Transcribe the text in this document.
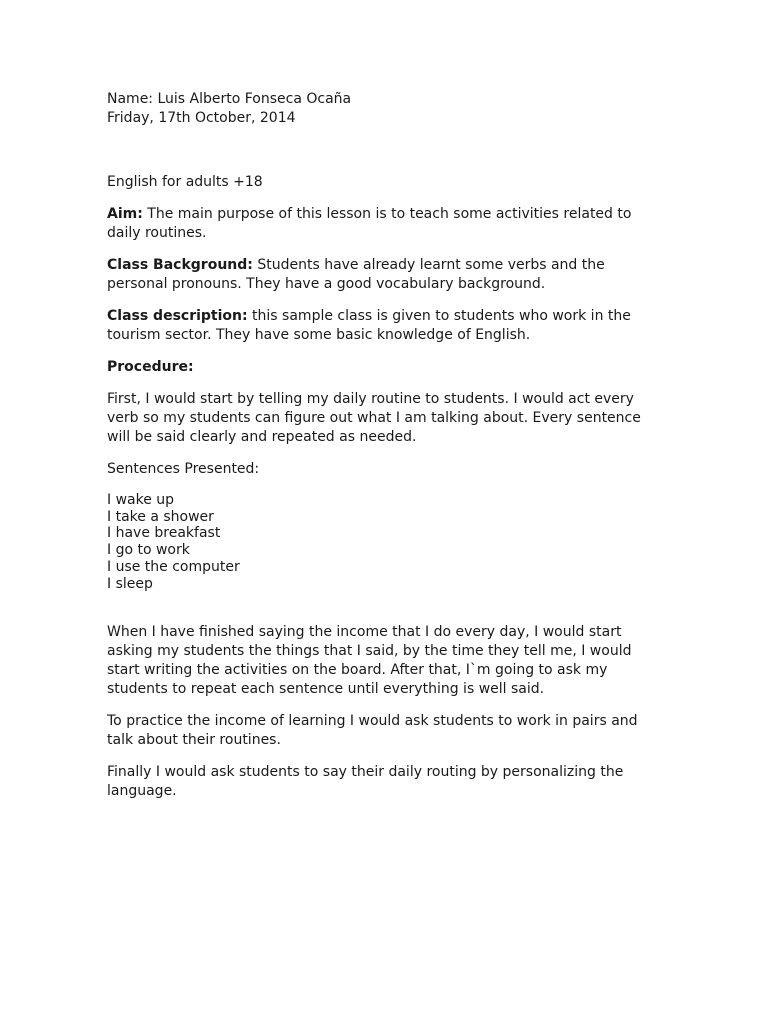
Name: Luis Alberto Fonseca Ocaña

Friday, 17th October, 2014

English for adults +18

Aim: The main purpose of this lesson is to teach some activities related to daily routines.

Class Background: Students have already learnt some verbs and the personal pronouns. They have a good vocabulary background.

Class description: this sample class is given to students who work in the tourism sector. They have some basic knowledge of English.

Procedure:

First, I would start by telling my daily routine to students. I would act every verb so my students can figure out what I am talking about. Every sentence will be said clearly and repeated as needed.

Sentences Presented:

I wake up

I take a shower

I have breakfast

I go to work

I use the computer

I sleep

When I have finished saying the income that I do every day, I would start asking my students the things that I said, by the time they tell me, I would start writing the activities on the board. After that, I`m going to ask my students to repeat each sentence until everything is well said.

To practice the income of learning I would ask students to work in pairs and talk about their routines.

Finally I would ask students to say their daily routing by personalizing the language.
